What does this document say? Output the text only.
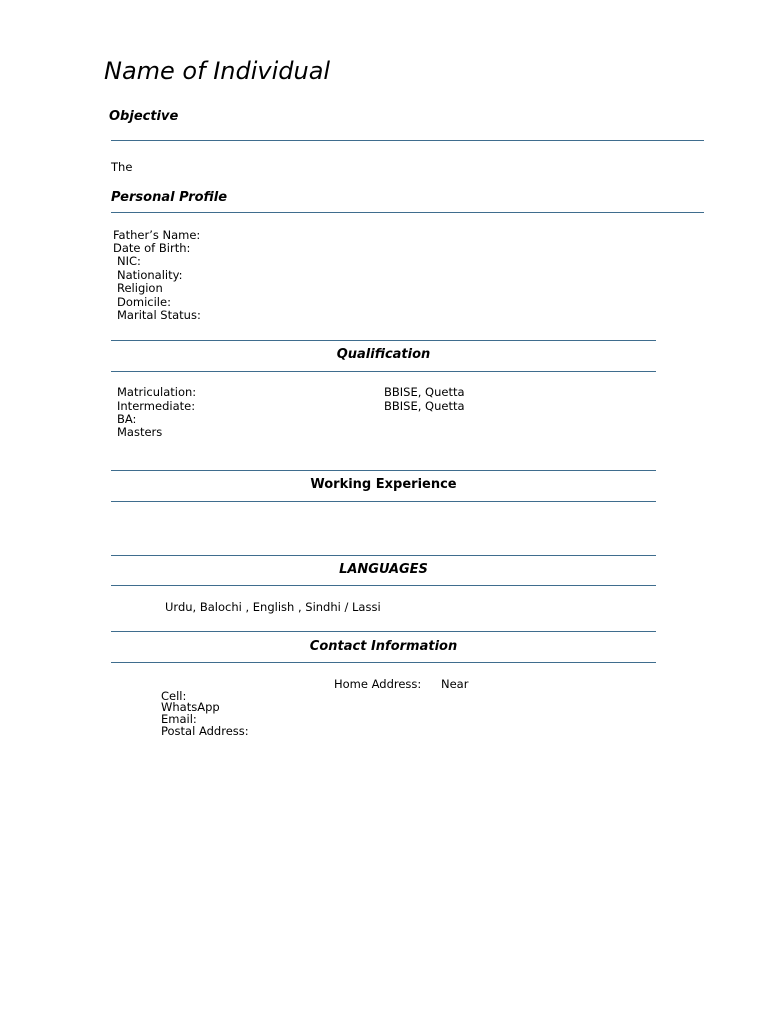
Name of Individual
Objective
The
Personal Profile
Father’s Name:
Date of Birth:
NIC:
Nationality:
Religion
Domicile:
Marital Status:
Qualification
Matriculation:	BBISE, Quetta
Intermediate:	BBISE, Quetta
BA:
Masters
Working Experience
LANGUAGES
Urdu, Balochi , English , Sindhi / Lassi
Contact Information
Home Address: Near
Cell:
WhatsApp
Email:
Postal Address:
